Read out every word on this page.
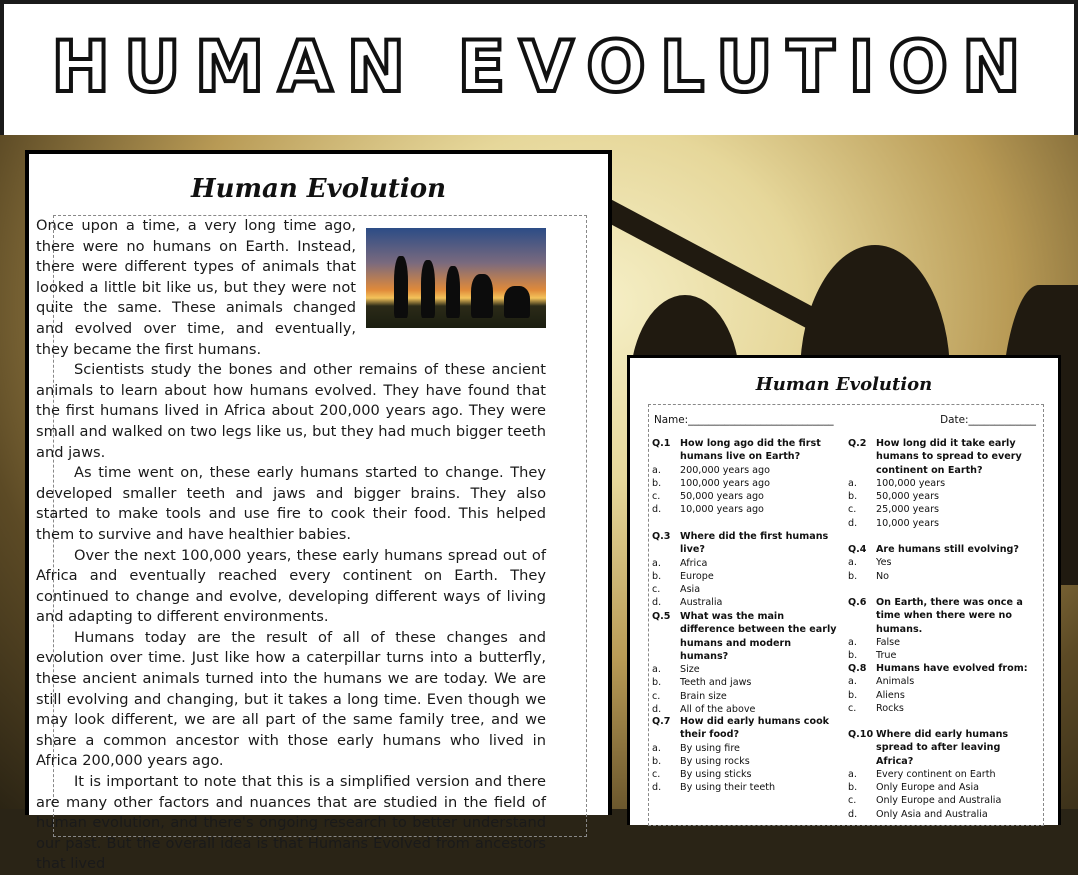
HUMAN EVOLUTION
Human Evolution

Once upon a time, a very long time ago, there were no humans on Earth. Instead, there were different types of animals that looked a little bit like us, but they were not quite the same. These animals changed and evolved over time, and eventually, they became the first humans.

Scientists study the bones and other remains of these ancient animals to learn about how humans evolved. They have found that the first humans lived in Africa about 200,000 years ago. They were small and walked on two legs like us, but they had much bigger teeth and jaws.

As time went on, these early humans started to change. They developed smaller teeth and jaws and bigger brains. They also started to make tools and use fire to cook their food. This helped them to survive and have healthier babies.

Over the next 100,000 years, these early humans spread out of Africa and eventually reached every continent on Earth. They continued to change and evolve, developing different ways of living and adapting to different environments.

Humans today are the result of all of these changes and evolution over time. Just like how a caterpillar turns into a butterfly, these ancient animals turned into the humans we are today. We are still evolving and changing, but it takes a long time. Even though we may look different, we are all part of the same family tree, and we share a common ancestor with those early humans who lived in Africa 200,000 years ago.

It is important to note that this is a simplified version and there are many other factors and nuances that are studied in the field of human evolution, and there's ongoing research to better understand our past. But the overall idea is that Humans Evolved from ancestors that lived

Human Evolution
Name:____________________________	Date:_____________
Q.1 How long ago did the first humans live on Earth?
a.	200,000 years ago
b.	100,000 years ago
c.	50,000 years ago
d.	10,000 years ago
Q.2 How long did it take early humans to spread to every continent on Earth?
a.	100,000 years
b.	50,000 years
c.	25,000 years
d.	10,000 years
Q.3 Where did the first humans live?
a.	Africa
b.	Europe
c.	Asia
d.	Australia
Q.4 Are humans still evolving?
a.	Yes
b.	No
Q.5 What was the main difference between the early humans and modern humans?
a.	Size
b.	Teeth and jaws
c.	Brain size
d.	All of the above
Q.6 On Earth, there was once a time when there were no humans.
a.	False
b.	True
Q.7 How did early humans cook their food?
a.	By using fire
b.	By using rocks
c.	By using sticks
d.	By using their teeth
Q.8 Humans have evolved from:
a.	Animals
b.	Aliens
c.	Rocks
Q.10 Where did early humans spread to after leaving Africa?
a.	Every continent on Earth
b.	Only Europe and Asia
c.	Only Europe and Australia
d.	Only Asia and Australia
